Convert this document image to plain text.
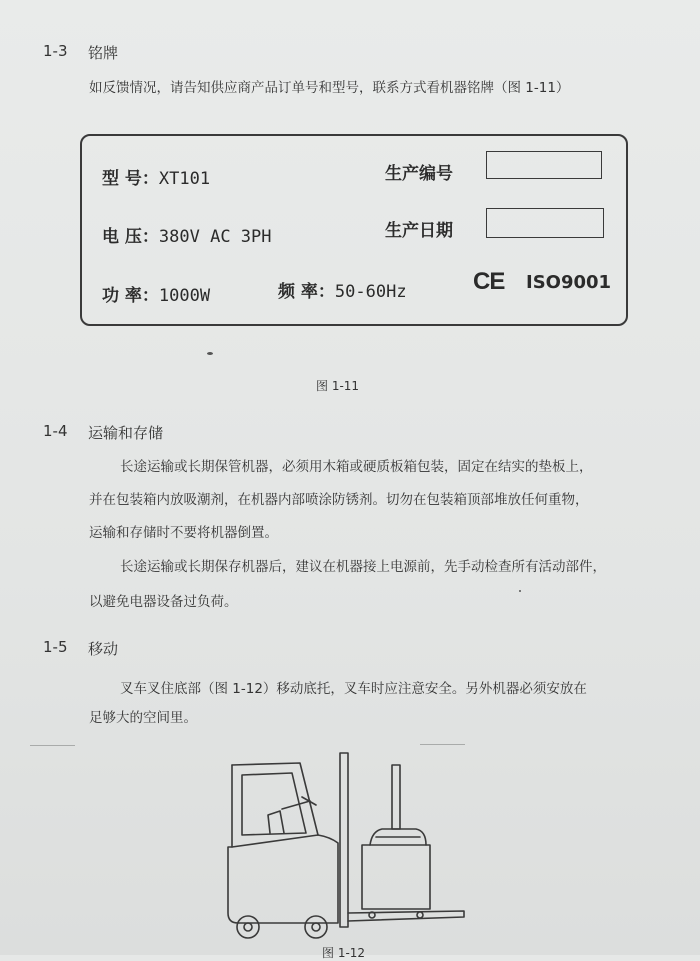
1-3 铭牌
如反馈情况，请告知供应商产品订单号和型号，联系方式看机器铭牌（图 1-11）
型 号：XT101
电 压：380V AC 3PH
功 率：1000W	频 率：50-60Hz
生产编号
生产日期
CE ISO9001
图 1-11
1-4 运输和存储
长途运输或长期保管机器，必须用木箱或硬质板箱包装，固定在结实的垫板上，
并在包装箱内放吸潮剂，在机器内部喷涂防锈剂。切勿在包装箱顶部堆放任何重物，
运输和存储时不要将机器倒置。
长途运输或长期保存机器后，建议在机器接上电源前，先手动检查所有活动部件，
以避免电器设备过负荷。
1-5 移动
叉车叉住底部（图 1-12）移动底托，叉车时应注意安全。另外机器必须安放在
足够大的空间里。
图 1-12
